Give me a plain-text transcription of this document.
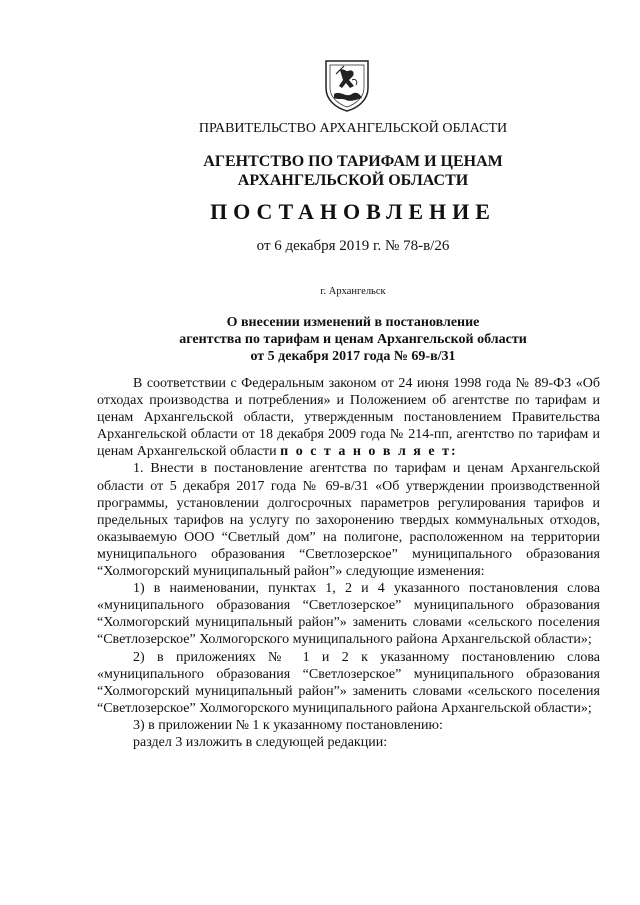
ПРАВИТЕЛЬСТВО АРХАНГЕЛЬСКОЙ ОБЛАСТИ
АГЕНТСТВО ПО ТАРИФАМ И ЦЕНАМ
АРХАНГЕЛЬСКОЙ ОБЛАСТИ
ПОСТАНОВЛЕНИЕ
от 6 декабря 2019 г. № 78-в/26
г. Архангельск
О внесении изменений в постановление
агентства по тарифам и ценам Архангельской области
от 5 декабря 2017 года № 69-в/31

В соответствии с Федеральным законом от 24 июня 1998 года № 89-ФЗ «Об отходах производства и потребления» и Положением об агентстве по тарифам и ценам Архангельской области, утвержденным постановлением Правительства Архангельской области от 18 декабря 2009 года № 214-пп, агентство по тарифам и ценам Архангельской области п о с т а н о в л я е т:

1. Внести в постановление агентства по тарифам и ценам Архангельской области от 5 декабря 2017 года № 69-в/31 «Об утверждении производственной программы, установлении долгосрочных параметров регулирования тарифов и предельных тарифов на услугу по захоронению твердых коммунальных отходов, оказываемую ООО “Светлый дом” на полигоне, расположенном на территории муниципального образования “Светлозерское” муниципального образования “Холмогорский муниципальный район”» следующие изменения:

1) в наименовании, пунктах 1, 2 и 4 указанного постановления слова «муниципального образования “Светлозерское” муниципального образования “Холмогорский муниципальный район”» заменить словами «сельского поселения “Светлозерское” Холмогорского муниципального района Архангельской области»;

2) в приложениях № 1 и 2 к указанному постановлению слова «муниципального образования “Светлозерское” муниципального образования “Холмогорский муниципальный район”» заменить словами «сельского поселения “Светлозерское” Холмогорского муниципального района Архангельской области»;

3) в приложении № 1 к указанному постановлению:

раздел 3 изложить в следующей редакции:
